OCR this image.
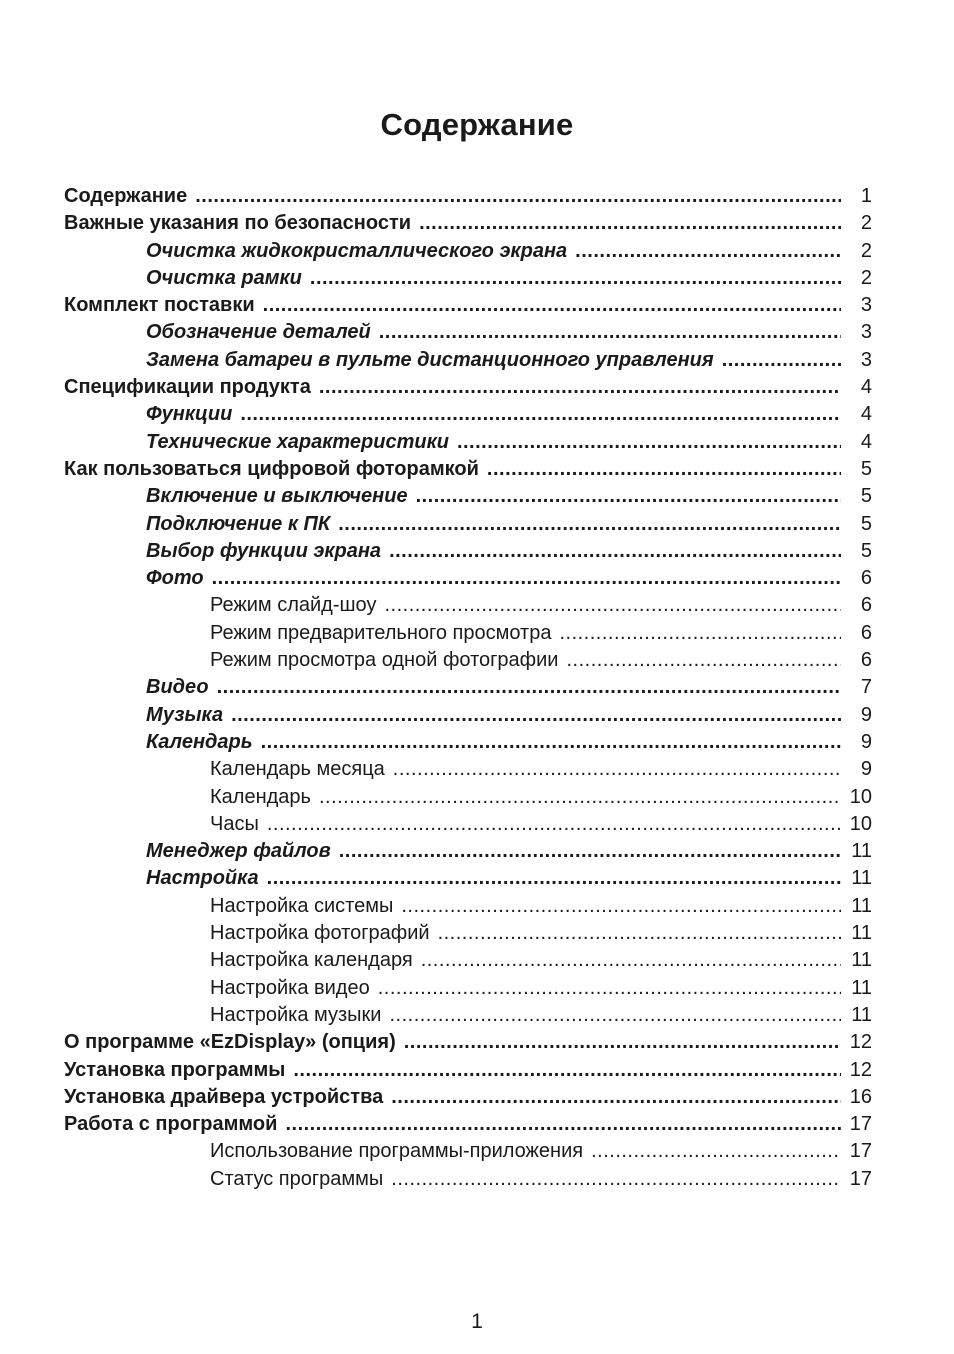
Содержание
Содержание .....	1
Важные указания по безопасности .....	2
Очистка жидкокристаллического экрана .....	2
Очистка рамки .....	2
Комплект поставки .....	3
Обозначение деталей .....	3
Замена батареи в пульте дистанционного управления .....	3
Спецификации продукта .....	4
Функции .....	4
Технические характеристики .....	4
Как пользоваться цифровой фоторамкой .....	5
Включение и выключение .....	5
Подключение к ПК .....	5
Выбор функции экрана .....	5
Фото .....	6
Режим слайд-шоу .....	6
Режим предварительного просмотра .....	6
Режим просмотра одной фотографии .....	6
Видео .....	7
Музыка .....	9
Календарь .....	9
Календарь месяца .....	9
Календарь .....	10
Часы .....	10
Менеджер файлов .....	11
Настройка .....	11
Настройка системы .....	11
Настройка фотографий .....	11
Настройка календаря .....	11
Настройка видео .....	11
Настройка музыки .....	11
О программе «EzDisplay» (опция) .....	12
Установка программы .....	12
Установка драйвера устройства .....	16
Работа с программой .....	17
Использование программы-приложения .....	17
Статус программы .....	17
1
